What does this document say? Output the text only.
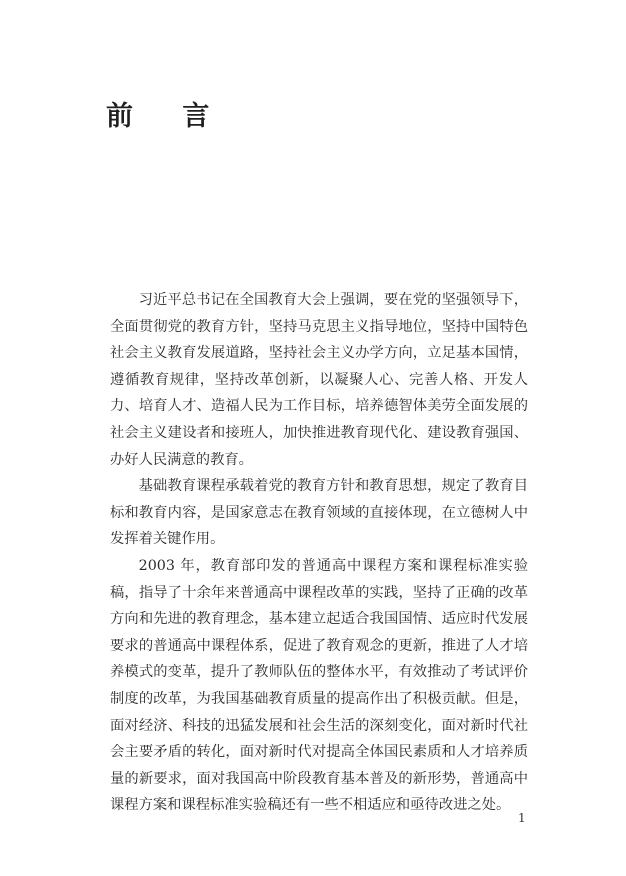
前 言

习近平总书记在全国教育大会上强调，要在党的坚强领导下，全面贯彻党的教育方针，坚持马克思主义指导地位，坚持中国特色社会主义教育发展道路，坚持社会主义办学方向，立足基本国情，遵循教育规律，坚持改革创新，以凝聚人心、完善人格、开发人力、培育人才、造福人民为工作目标，培养德智体美劳全面发展的社会主义建设者和接班人，加快推进教育现代化、建设教育强国、办好人民满意的教育。

基础教育课程承载着党的教育方针和教育思想，规定了教育目标和教育内容，是国家意志在教育领域的直接体现，在立德树人中发挥着关键作用。

2003 年，教育部印发的普通高中课程方案和课程标准实验稿，指导了十余年来普通高中课程改革的实践，坚持了正确的改革方向和先进的教育理念，基本建立起适合我国国情、适应时代发展要求的普通高中课程体系，促进了教育观念的更新，推进了人才培养模式的变革，提升了教师队伍的整体水平，有效推动了考试评价制度的改革，为我国基础教育质量的提高作出了积极贡献。但是，面对经济、科技的迅猛发展和社会生活的深刻变化，面对新时代社会主要矛盾的转化，面对新时代对提高全体国民素质和人才培养质量的新要求，面对我国高中阶段教育基本普及的新形势，普通高中课程方案和课程标准实验稿还有一些不相适应和亟待改进之处。

1
